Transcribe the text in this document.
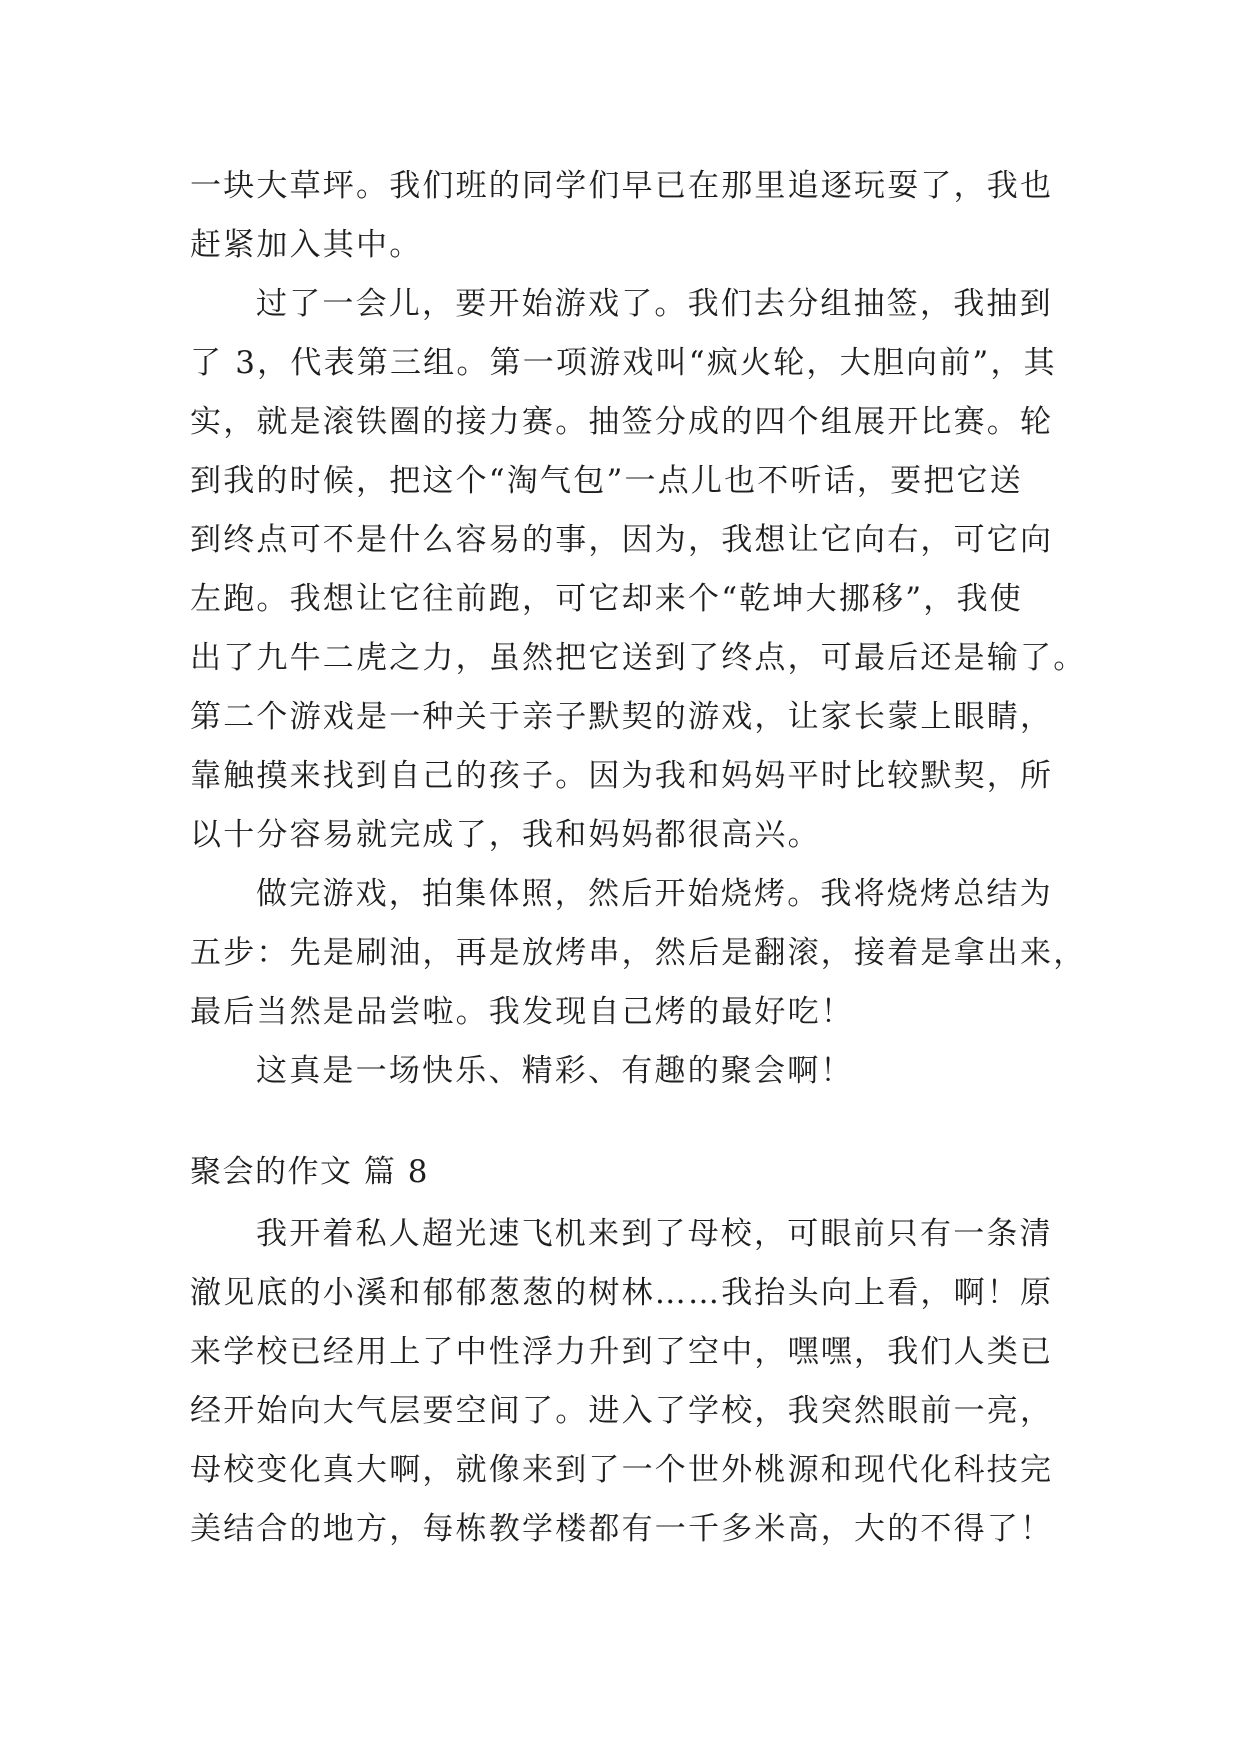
一块大草坪。我们班的同学们早已在那里追逐玩耍了，我也
赶紧加入其中。
过了一会儿，要开始游戏了。我们去分组抽签，我抽到
了 3，代表第三组。第一项游戏叫“疯火轮，大胆向前”，其
实，就是滚铁圈的接力赛。抽签分成的四个组展开比赛。轮
到我的时候，把这个“淘气包”一点儿也不听话，要把它送
到终点可不是什么容易的事，因为，我想让它向右，可它向
左跑。我想让它往前跑，可它却来个“乾坤大挪移”，我使
出了九牛二虎之力，虽然把它送到了终点，可最后还是输了。
第二个游戏是一种关于亲子默契的游戏，让家长蒙上眼睛，
靠触摸来找到自己的孩子。因为我和妈妈平时比较默契，所
以十分容易就完成了，我和妈妈都很高兴。
做完游戏，拍集体照，然后开始烧烤。我将烧烤总结为
五步：先是刷油，再是放烤串，然后是翻滚，接着是拿出来，
最后当然是品尝啦。我发现自己烤的最好吃！
这真是一场快乐、精彩、有趣的聚会啊！
聚会的作文 篇 8
我开着私人超光速飞机来到了母校，可眼前只有一条清
澈见底的小溪和郁郁葱葱的树林……我抬头向上看，啊！原
来学校已经用上了中性浮力升到了空中，嘿嘿，我们人类已
经开始向大气层要空间了。进入了学校，我突然眼前一亮，
母校变化真大啊，就像来到了一个世外桃源和现代化科技完
美结合的地方，每栋教学楼都有一千多米高，大的不得了！
